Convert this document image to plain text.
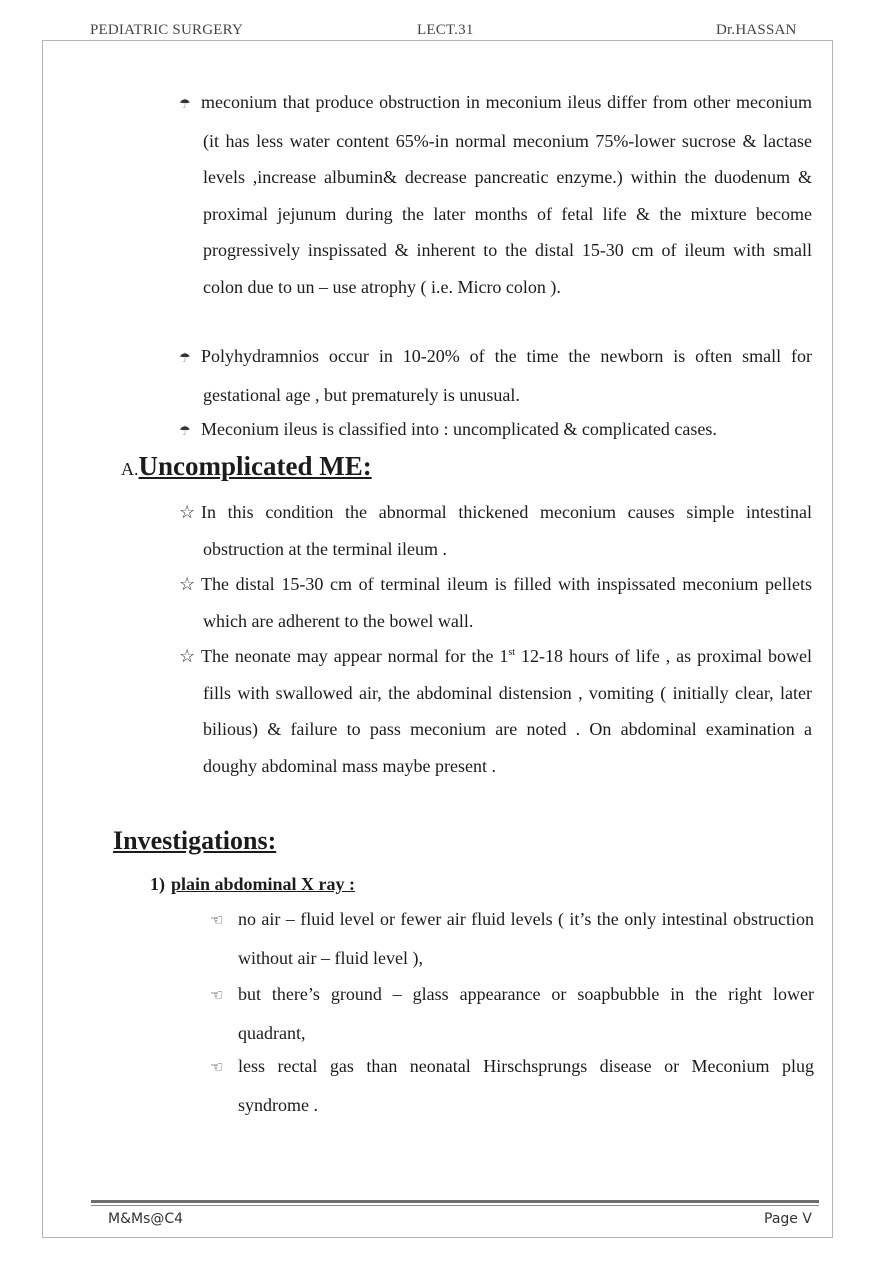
PEDIATRIC SURGERY	LECT.31	Dr.HASSAN

☂ meconium that produce obstruction in meconium ileus differ from other meconium (it has less water content 65%-in normal meconium 75%-lower sucrose & lactase levels ,increase albumin& decrease pancreatic enzyme.) within the duodenum & proximal jejunum during the later months of fetal life & the mixture become progressively inspissated & inherent to the distal 15-30 cm of ileum with small colon due to un – use atrophy ( i.e. Micro colon ).

☂ Polyhydramnios occur in 10-20% of the time the newborn is often small for gestational age , but prematurely is unusual.

☂ Meconium ileus is classified into : uncomplicated & complicated cases.

A.Uncomplicated ME:

☆ In this condition the abnormal thickened meconium causes simple intestinal obstruction at the terminal ileum .

☆ The distal 15-30 cm of terminal ileum is filled with inspissated meconium pellets which are adherent to the bowel wall.

☆ The neonate may appear normal for the 1st 12-18 hours of life , as proximal bowel fills with swallowed air, the abdominal distension , vomiting ( initially clear, later bilious) & failure to pass meconium are noted . On abdominal examination a doughy abdominal mass maybe present .

Investigations:
1) plain abdominal X ray :

☜ no air – fluid level or fewer air fluid levels ( it’s the only intestinal obstruction without air – fluid level ),

☜ but there’s ground – glass appearance or soapbubble in the right lower quadrant,

☜ less rectal gas than neonatal Hirschsprungs disease or Meconium plug syndrome .

M&Ms@C4	Page V
